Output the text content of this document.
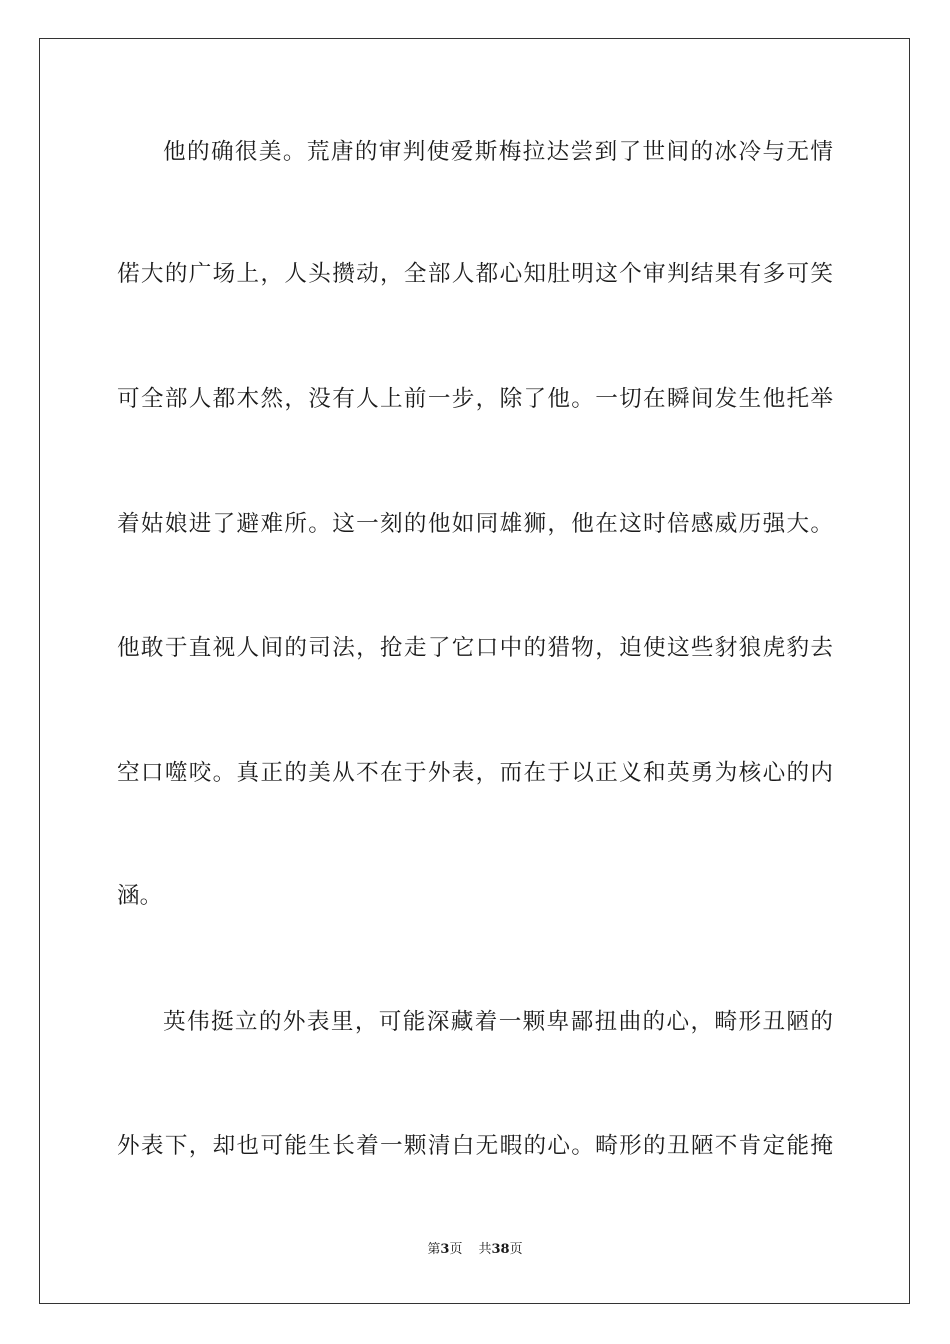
他的确很美。荒唐的审判使爱斯梅拉达尝到了世间的冰冷与无情
偌大的广场上，人头攒动，全部人都心知肚明这个审判结果有多可笑
可全部人都木然，没有人上前一步，除了他。一切在瞬间发生他托举
着姑娘进了避难所。这一刻的他如同雄狮，他在这时倍感威历强大。
他敢于直视人间的司法，抢走了它口中的猎物，迫使这些豺狼虎豹去
空口噬咬。真正的美从不在于外表，而在于以正义和英勇为核心的内
涵。
英伟挺立的外表里，可能深藏着一颗卑鄙扭曲的心，畸形丑陋的
外表下，却也可能生长着一颗清白无暇的心。畸形的丑陋不肯定能掩
第3页 共38页
